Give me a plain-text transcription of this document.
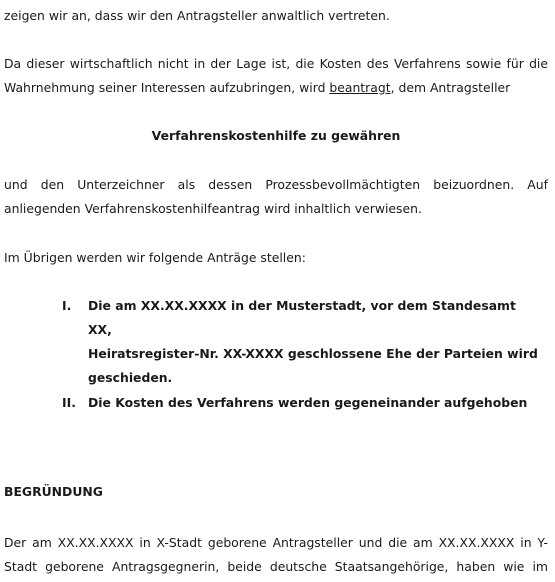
zeigen wir an, dass wir den Antragsteller anwaltlich vertreten.
Da dieser wirtschaftlich nicht in der Lage ist, die Kosten des Verfahrens sowie für die
Wahrnehmung seiner Interessen aufzubringen, wird beantragt, dem Antragsteller
Verfahrenskostenhilfe zu gewähren
und den Unterzeichner als dessen Prozessbevollmächtigten beizuordnen. Auf
anliegenden Verfahrenskostenhilfeantrag wird inhaltlich verwiesen.
Im Übrigen werden wir folgende Anträge stellen:
I.	Die am XX.XX.XXXX in der Musterstadt, vor dem Standesamt XX,
Heiratsregister-Nr. XX-XXXX geschlossene Ehe der Parteien wird
geschieden.
II. Die Kosten des Verfahrens werden gegeneinander aufgehoben
BEGRÜNDUNG
Der am XX.XX.XXXX in X-Stadt geborene Antragsteller und die am XX.XX.XXXX in Y-
Stadt geborene Antragsgegnerin, beide deutsche Staatsangehörige, haben wie im
